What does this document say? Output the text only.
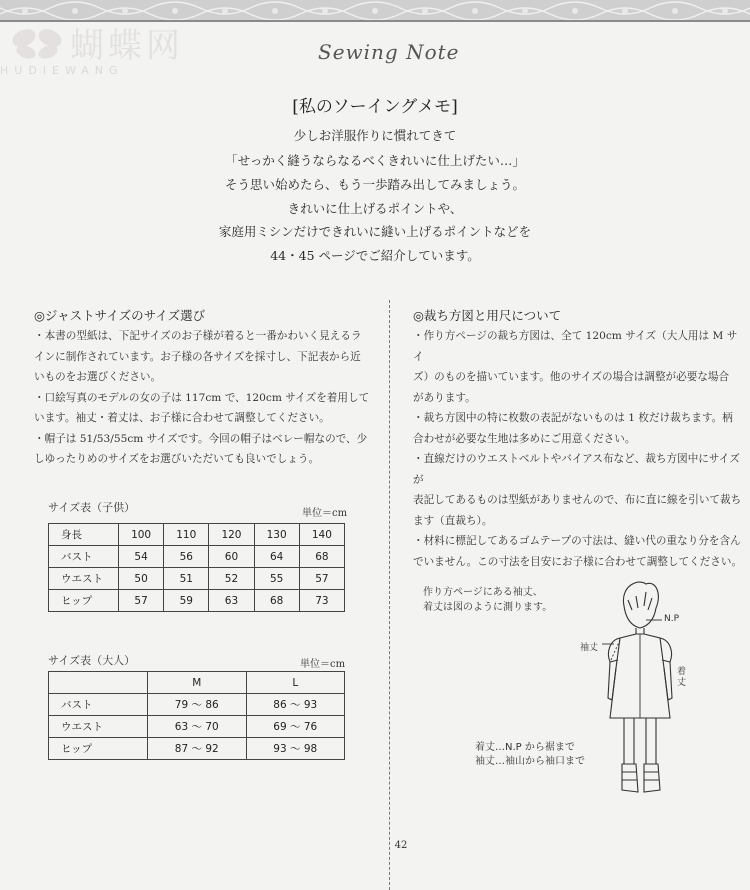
蝴蝶网
HUDIEWANG
Sewing Note
[私のソーイングメモ]
少しお洋服作りに慣れてきて
「せっかく縫うならなるべくきれいに仕上げたい…」
そう思い始めたら、もう一歩踏み出してみましょう。
きれいに仕上げるポイントや、
家庭用ミシンだけできれいに縫い上げるポイントなどを
44・45 ページでご紹介しています。
◎ジャストサイズのサイズ選び

・本書の型紙は、下記サイズのお子様が着ると一番かわいく見えるラ

インに制作されています。お子様の各サイズを採寸し、下記表から近

いものをお選びください。

・口絵写真のモデルの女の子は 117cm で、120cm サイズを着用して

います。袖丈・着丈は、お子様に合わせて調整してください。

・帽子は 51/53/55cm サイズです。今回の帽子はベレー帽なので、少

しゆったりめのサイズをお選びいただいても良いでしょう。

◎裁ち方図と用尺について

・作り方ページの裁ち方図は、全て 120cm サイズ（大人用は M サイ

ズ）のものを描いています。他のサイズの場合は調整が必要な場合

があります。

・裁ち方図中の特に枚数の表記がないものは 1 枚だけ裁ちます。柄

合わせが必要な生地は多めにご用意ください。

・直線だけのウエストベルトやバイアス布など、裁ち方図中にサイズが

表記してあるものは型紙がありませんので、布に直に線を引いて裁ち

ます（直裁ち）。

・材料に標記してあるゴムテープの寸法は、縫い代の重なり分を含ん

でいません。この寸法を目安にお子様に合わせて調整してください。

サイズ表（子供）	単位＝cm
身長	100	110	120	130	140
バスト	54	56	60	64	68
ウエスト	50	51	52	55	57
ヒップ	57	59	63	68	73
サイズ表（大人）	単位＝cm
	M	L
バスト	79 ～ 86	86 ～ 93
ウエスト	63 ～ 70	69 ～ 76
ヒップ	87 ～ 92	93 ～ 98
作り方ページにある袖丈、
着丈は図のように測ります。
N.P
袖丈
着
丈
着丈…N.P から裾まで
袖丈…袖山から袖口まで
42
